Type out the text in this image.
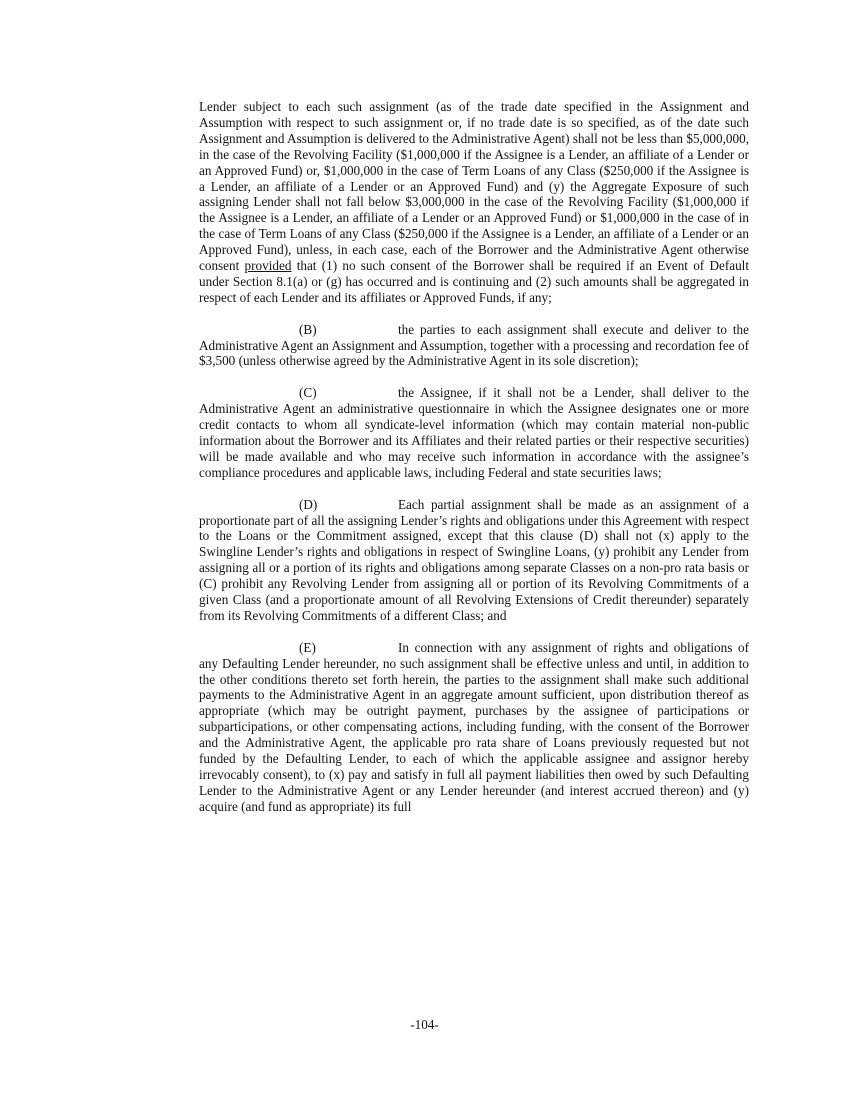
Lender subject to each such assignment (as of the trade date specified in the Assignment and Assumption with respect to such assignment or, if no trade date is so specified, as of the date such Assignment and Assumption is delivered to the Administrative Agent) shall not be less than $5,000,000, in the case of the Revolving Facility ($1,000,000 if the Assignee is a Lender, an affiliate of a Lender or an Approved Fund) or, $1,000,000 in the case of Term Loans of any Class ($250,000 if the Assignee is a Lender, an affiliate of a Lender or an Approved Fund) and (y) the Aggregate Exposure of such assigning Lender shall not fall below $3,000,000 in the case of the Revolving Facility ($1,000,000 if the Assignee is a Lender, an affiliate of a Lender or an Approved Fund) or $1,000,000 in the case of in the case of Term Loans of any Class ($250,000 if the Assignee is a Lender, an affiliate of a Lender or an Approved Fund), unless, in each case, each of the Borrower and the Administrative Agent otherwise consent provided that (1) no such consent of the Borrower shall be required if an Event of Default under Section 8.1(a) or (g) has occurred and is continuing and (2) such amounts shall be aggregated in respect of each Lender and its affiliates or Approved Funds, if any;

(B)	the parties to each assignment shall execute and deliver to the Administrative Agent an Assignment and Assumption, together with a processing and recordation fee of $3,500 (unless otherwise agreed by the Administrative Agent in its sole discretion);

(C)	the Assignee, if it shall not be a Lender, shall deliver to the Administrative Agent an administrative questionnaire in which the Assignee designates one or more credit contacts to whom all syndicate-level information (which may contain material non-public information about the Borrower and its Affiliates and their related parties or their respective securities) will be made available and who may receive such information in accordance with the assignee’s compliance procedures and applicable laws, including Federal and state securities laws;

(D)	Each partial assignment shall be made as an assignment of a proportionate part of all the assigning Lender’s rights and obligations under this Agreement with respect to the Loans or the Commitment assigned, except that this clause (D) shall not (x) apply to the Swingline Lender’s rights and obligations in respect of Swingline Loans, (y) prohibit any Lender from assigning all or a portion of its rights and obligations among separate Classes on a non-pro rata basis or (C) prohibit any Revolving Lender from assigning all or portion of its Revolving Commitments of a given Class (and a proportionate amount of all Revolving Extensions of Credit thereunder) separately from its Revolving Commitments of a different Class; and

(E)	In connection with any assignment of rights and obligations of any Defaulting Lender hereunder, no such assignment shall be effective unless and until, in addition to the other conditions thereto set forth herein, the parties to the assignment shall make such additional payments to the Administrative Agent in an aggregate amount sufficient, upon distribution thereof as appropriate (which may be outright payment, purchases by the assignee of participations or subparticipations, or other compensating actions, including funding, with the consent of the Borrower and the Administrative Agent, the applicable pro rata share of Loans previously requested but not funded by the Defaulting Lender, to each of which the applicable assignee and assignor hereby irrevocably consent), to (x) pay and satisfy in full all payment liabilities then owed by such Defaulting Lender to the Administrative Agent or any Lender hereunder (and interest accrued thereon) and (y) acquire (and fund as appropriate) its full

-104-
